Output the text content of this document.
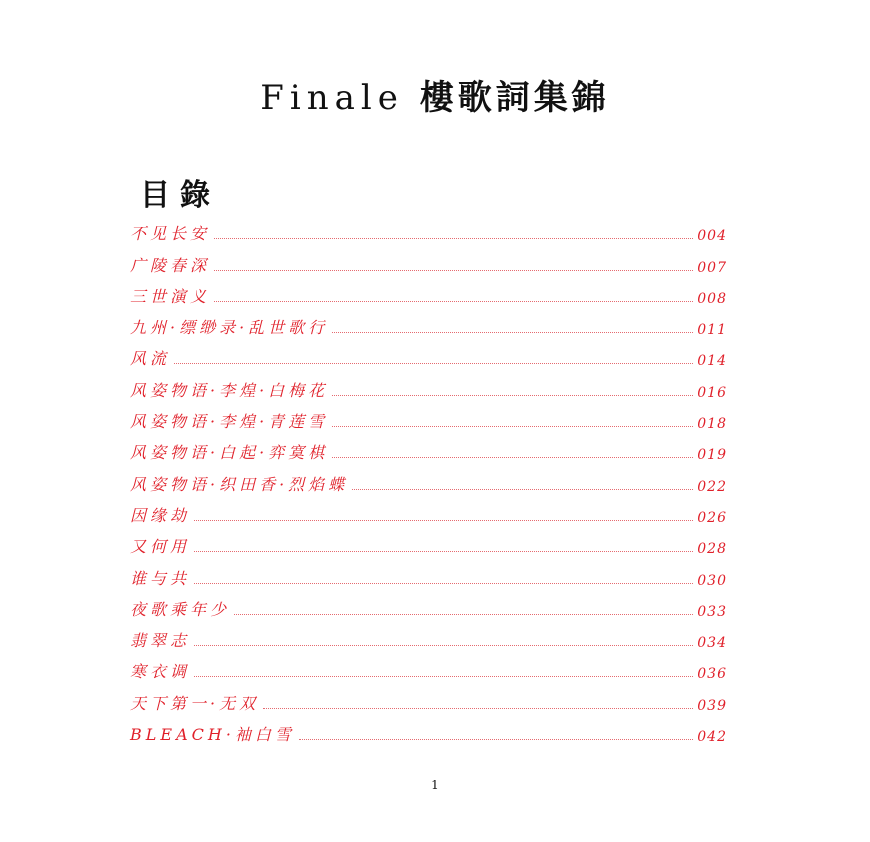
Finale 樓歌詞集錦
目錄
不见长安	004
广陵春深	007
三世演义	008
九州·缥缈录·乱世歌行	011
风流	014
风姿物语·李煌·白梅花	016
风姿物语·李煌·青莲雪	018
风姿物语·白起·弈寞棋	019
风姿物语·织田香·烈焰蝶	022
因缘劫	026
又何用	028
谁与共	030
夜歌乘年少	033
翡翠志	034
寒衣调	036
天下第一·无双	039
BLEACH·袖白雪	042
1
